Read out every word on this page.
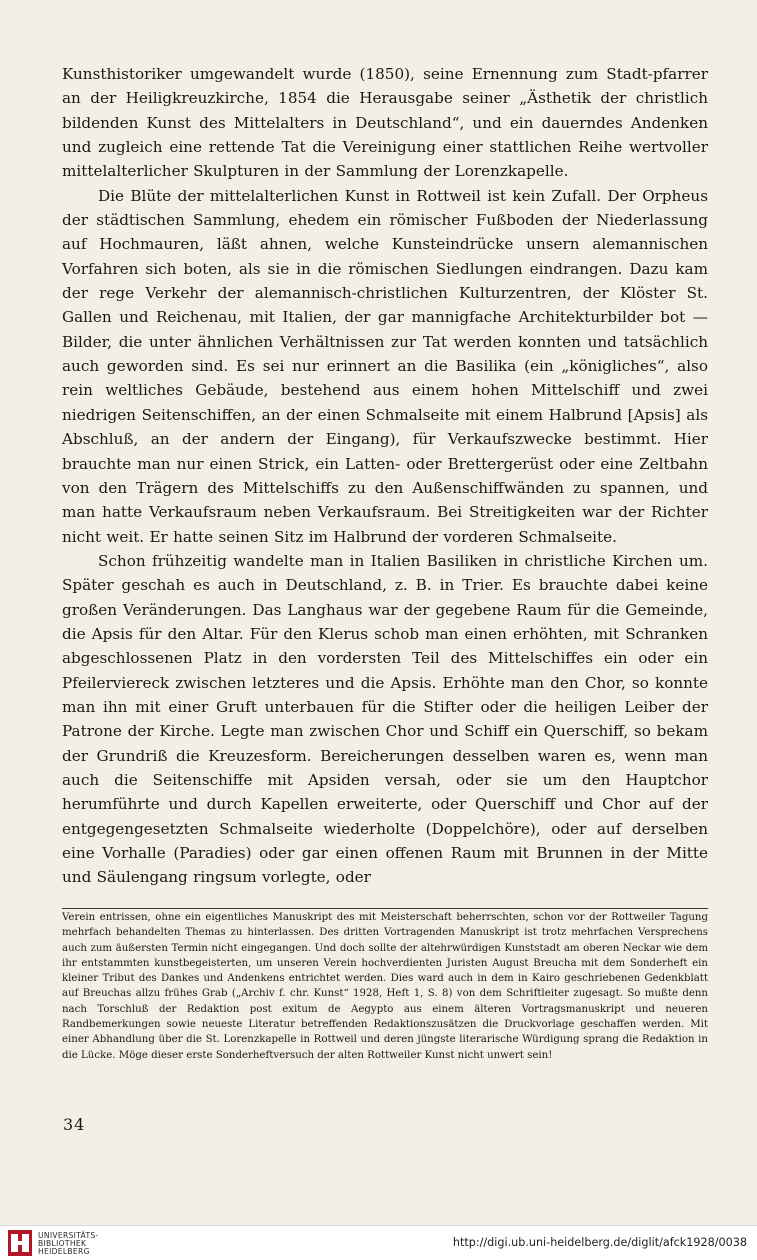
Kunsthistoriker umgewandelt wurde (1850), seine Ernennung zum Stadt-pfarrer an der Heiligkreuzkirche, 1854 die Herausgabe seiner „Ästhetik der christlich bildenden Kunst des Mittelalters in Deutschland“, und ein dauerndes Andenken und zugleich eine rettende Tat die Vereinigung einer stattlichen Reihe wertvoller mittelalterlicher Skulpturen in der Sammlung der Lorenzkapelle.

Die Blüte der mittelalterlichen Kunst in Rottweil ist kein Zufall. Der Orpheus der städtischen Sammlung, ehedem ein römischer Fußboden der Niederlassung auf Hochmauren, läßt ahnen, welche Kunsteindrücke unsern alemannischen Vorfahren sich boten, als sie in die römischen Siedlungen eindrangen. Dazu kam der rege Verkehr der alemannisch-christlichen Kulturzentren, der Klöster St. Gallen und Reichenau, mit Italien, der gar mannigfache Architekturbilder bot — Bilder, die unter ähnlichen Verhältnissen zur Tat werden konnten und tatsächlich auch geworden sind. Es sei nur erinnert an die Basilika (ein „königliches“, also rein weltliches Gebäude, bestehend aus einem hohen Mittelschiff und zwei niedrigen Seitenschiffen, an der einen Schmalseite mit einem Halbrund [Apsis] als Abschluß, an der andern der Eingang), für Verkaufszwecke bestimmt. Hier brauchte man nur einen Strick, ein Latten- oder Brettergerüst oder eine Zeltbahn von den Trägern des Mittelschiffs zu den Außenschiffwänden zu spannen, und man hatte Verkaufsraum neben Verkaufsraum. Bei Streitigkeiten war der Richter nicht weit. Er hatte seinen Sitz im Halbrund der vorderen Schmalseite.

Schon frühzeitig wandelte man in Italien Basiliken in christliche Kirchen um. Später geschah es auch in Deutschland, z. B. in Trier. Es brauchte dabei keine großen Veränderungen. Das Langhaus war der gegebene Raum für die Gemeinde, die Apsis für den Altar. Für den Klerus schob man einen erhöhten, mit Schranken abgeschlossenen Platz in den vordersten Teil des Mittelschiffes ein oder ein Pfeilerviereck zwischen letzteres und die Apsis. Erhöhte man den Chor, so konnte man ihn mit einer Gruft unterbauen für die Stifter oder die heiligen Leiber der Patrone der Kirche. Legte man zwischen Chor und Schiff ein Querschiff, so bekam der Grundriß die Kreuzesform. Bereicherungen desselben waren es, wenn man auch die Seitenschiffe mit Apsiden versah, oder sie um den Hauptchor herumführte und durch Kapellen erweiterte, oder Querschiff und Chor auf der entgegengesetzten Schmalseite wiederholte (Doppelchöre), oder auf derselben eine Vorhalle (Paradies) oder gar einen offenen Raum mit Brunnen in der Mitte und Säulengang ringsum vorlegte, oder

Verein entrissen, ohne ein eigentliches Manuskript des mit Meisterschaft beherrschten, schon vor der Rottweiler Tagung mehrfach behandelten Themas zu hinterlassen. Des dritten Vortragenden Manuskript ist trotz mehrfachen Versprechens auch zum äußersten Termin nicht eingegangen. Und doch sollte der altehrwürdigen Kunststadt am oberen Neckar wie dem ihr entstammten kunstbegeisterten, um unseren Verein hochverdienten Juristen August Breucha mit dem Sonderheft ein kleiner Tribut des Dankes und Andenkens entrichtet werden. Dies ward auch in dem in Kairo geschriebenen Gedenkblatt auf Breuchas allzu frühes Grab („Archiv f. chr. Kunst“ 1928, Heft 1, S. 8) von dem Schriftleiter zugesagt. So mußte denn nach Torschluß der Redaktion post exitum de Aegypto aus einem älteren Vortragsmanuskript und neueren Randbemerkungen sowie neueste Literatur betreffenden Redaktionszusätzen die Druckvorlage geschaffen werden. Mit einer Abhandlung über die St. Lorenzkapelle in Rottweil und deren jüngste literarische Würdigung sprang die Redaktion in die Lücke. Möge dieser erste Sonderheftversuch der alten Rottweiler Kunst nicht unwert sein!
34
UNIVERSITÄTS-
BIBLIOTHEK
HEIDELBERG
http://digi.ub.uni-heidelberg.de/diglit/afck1928/0038
